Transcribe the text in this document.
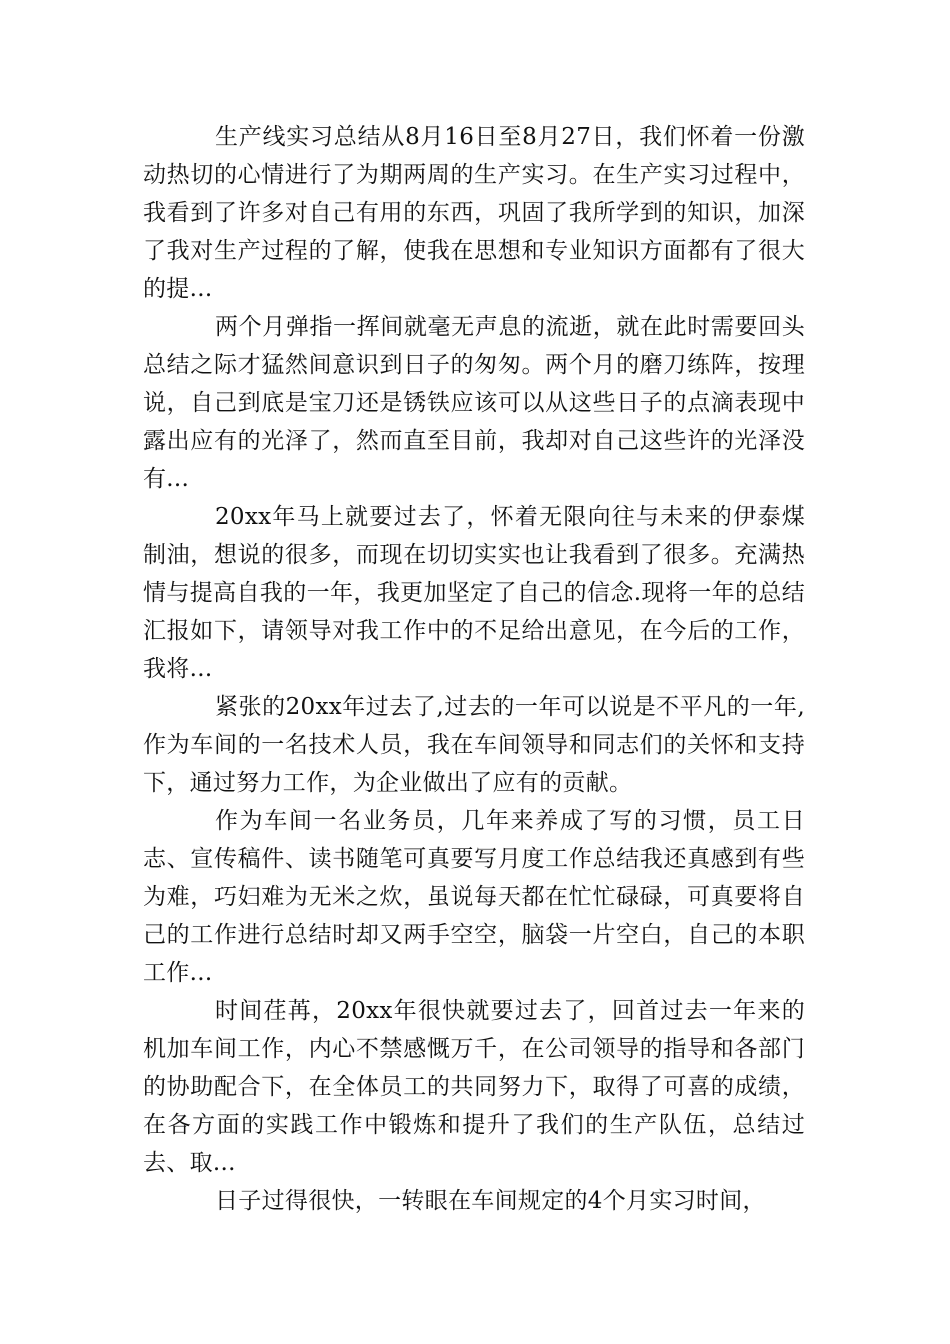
生产线实习总结从8月16日至8月27日，我们怀着一份激动热切的心情进行了为期两周的生产实习。在生产实习过程中，我看到了许多对自己有用的东西，巩固了我所学到的知识，加深了我对生产过程的了解，使我在思想和专业知识方面都有了很大的提...

两个月弹指一挥间就毫无声息的流逝，就在此时需要回头总结之际才猛然间意识到日子的匆匆。两个月的磨刀练阵，按理说，自己到底是宝刀还是锈铁应该可以从这些日子的点滴表现中露出应有的光泽了，然而直至目前，我却对自己这些许的光泽没有...

20xx年马上就要过去了，怀着无限向往与未来的伊泰煤制油，想说的很多，而现在切切实实也让我看到了很多。充满热情与提高自我的一年，我更加坚定了自己的信念.现将一年的总结汇报如下，请领导对我工作中的不足给出意见，在今后的工作，我将...

紧张的20xx年过去了,过去的一年可以说是不平凡的一年,作为车间的一名技术人员，我在车间领导和同志们的关怀和支持下，通过努力工作，为企业做出了应有的贡献。

作为车间一名业务员，几年来养成了写的习惯，员工日志、宣传稿件、读书随笔可真要写月度工作总结我还真感到有些为难，巧妇难为无米之炊，虽说每天都在忙忙碌碌，可真要将自己的工作进行总结时却又两手空空，脑袋一片空白，自己的本职工作...

时间荏苒，20xx年很快就要过去了，回首过去一年来的机加车间工作，内心不禁感慨万千，在公司领导的指导和各部门的协助配合下，在全体员工的共同努力下，取得了可喜的成绩，在各方面的实践工作中锻炼和提升了我们的生产队伍，总结过去、取...

日子过得很快，一转眼在车间规定的4个月实习时间，
